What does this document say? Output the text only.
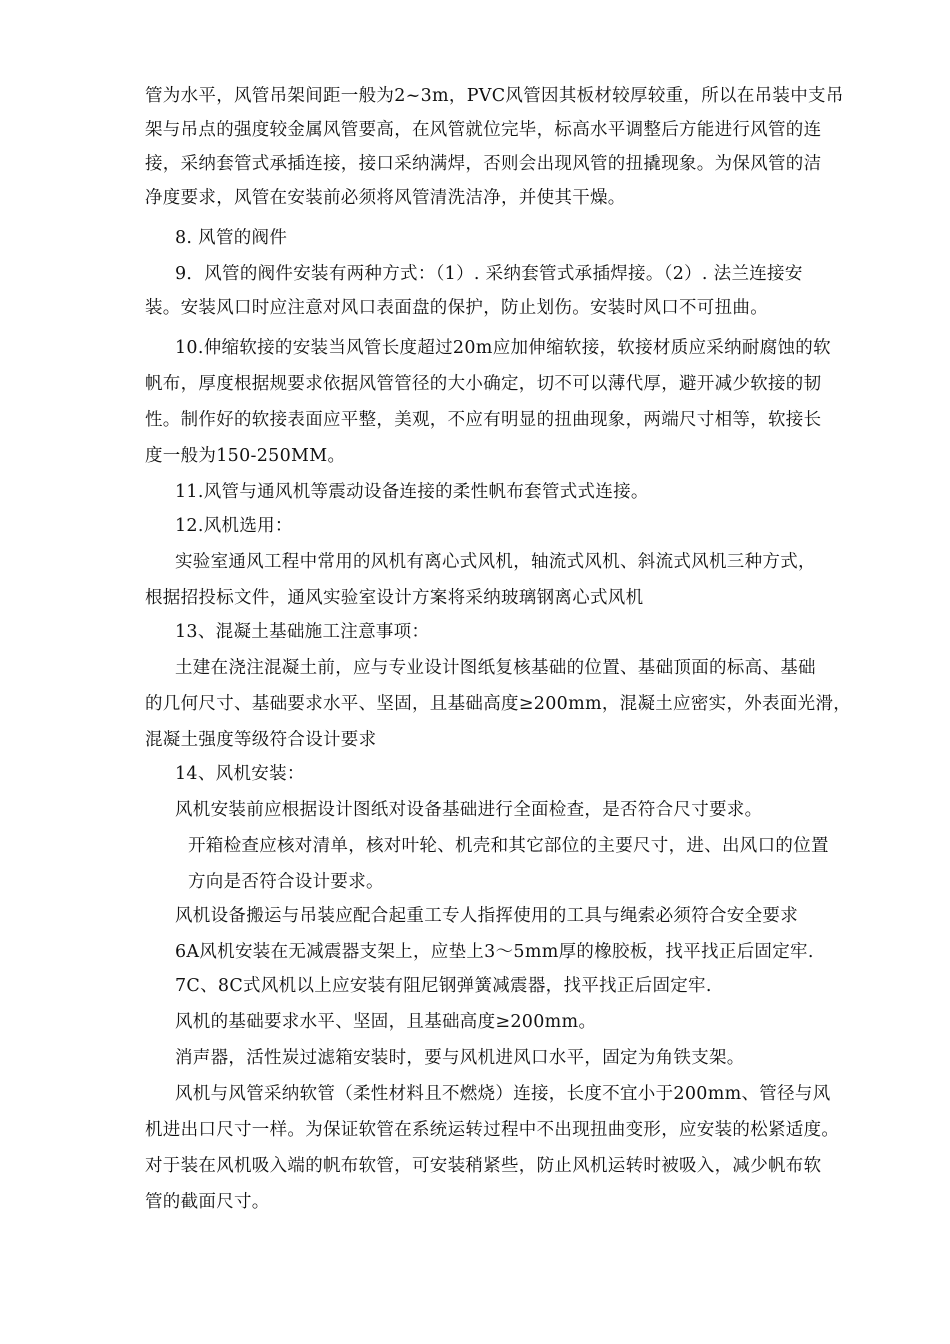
管为水平，风管吊架间距一般为2~3m，PVC风管因其板材较厚较重，所以在吊装中支吊

架与吊点的强度较金属风管要高，在风管就位完毕，标高水平调整后方能进行风管的连

接，采纳套管式承插连接，接口采纳满焊，否则会出现风管的扭撬现象。为保风管的洁

净度要求，风管在安装前必须将风管清洗洁净，并使其干燥。

8. 风管的阀件

9．风管的阀件安装有两种方式：（1）. 采纳套管式承插焊接。（2）. 法兰连接安

装。安装风口时应注意对风口表面盘的保护，防止划伤。安装时风口不可扭曲。

10.伸缩软接的安装当风管长度超过20m应加伸缩软接，软接材质应采纳耐腐蚀的软

帆布，厚度根据规要求依据风管管径的大小确定，切不可以薄代厚，避开减少软接的韧

性。制作好的软接表面应平整，美观，不应有明显的扭曲现象，两端尺寸相等，软接长

度一般为150-250MM。

11.风管与通风机等震动设备连接的柔性帆布套管式式连接。

12.风机选用：

实验室通风工程中常用的风机有离心式风机，轴流式风机、斜流式风机三种方式，

根据招投标文件，通风实验室设计方案将采纳玻璃钢离心式风机

13、混凝土基础施工注意事项：

土建在浇注混凝土前，应与专业设计图纸复核基础的位置、基础顶面的标高、基础

的几何尺寸、基础要求水平、坚固，且基础高度≥200mm，混凝土应密实，外表面光滑，

混凝土强度等级符合设计要求

14、风机安装：

风机安装前应根据设计图纸对设备基础进行全面检查，是否符合尺寸要求。

开箱检查应核对清单，核对叶轮、机壳和其它部位的主要尺寸，进、出风口的位置

方向是否符合设计要求。

风机设备搬运与吊装应配合起重工专人指挥使用的工具与绳索必须符合安全要求

6A风机安装在无减震器支架上，应垫上3～5mm厚的橡胶板，找平找正后固定牢.

7C、8C式风机以上应安装有阻尼钢弹簧减震器，找平找正后固定牢.

风机的基础要求水平、坚固，且基础高度≥200mm。

消声器，活性炭过滤箱安装时，要与风机进风口水平，固定为角铁支架。

风机与风管采纳软管（柔性材料且不燃烧）连接，长度不宜小于200mm、管径与风

机进出口尺寸一样。为保证软管在系统运转过程中不出现扭曲变形，应安装的松紧适度。

对于装在风机吸入端的帆布软管，可安装稍紧些，防止风机运转时被吸入，减少帆布软

管的截面尺寸。
